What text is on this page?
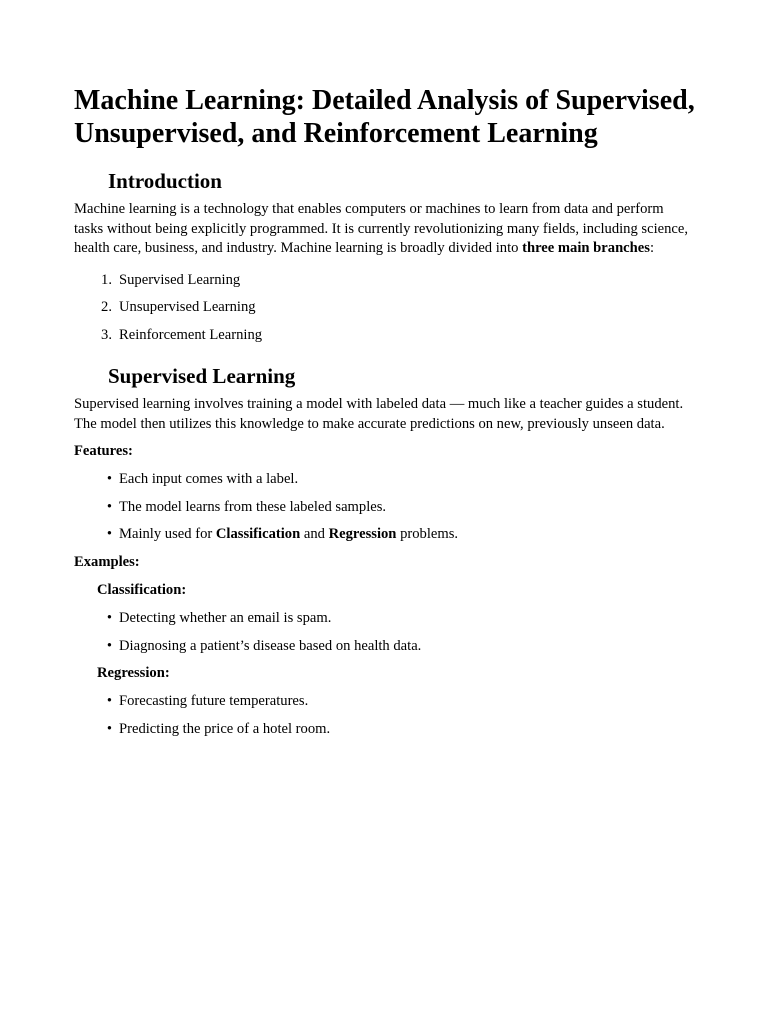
Machine Learning: Detailed Analysis of Supervised, Unsupervised, and Reinforcement Learning
Introduction

Machine learning is a technology that enables computers or machines to learn from data and perform tasks without being explicitly programmed. It is currently revolutionizing many fields, including science, health care, business, and industry. Machine learning is broadly divided into three main branches:

1. Supervised Learning
2. Unsupervised Learning
3. Reinforcement Learning
Supervised Learning

Supervised learning involves training a model with labeled data — much like a teacher guides a student. The model then utilizes this knowledge to make accurate predictions on new, previously unseen data.

Features:
• Each input comes with a label.
• The model learns from these labeled samples.
• Mainly used for Classification and Regression problems.
Examples:
Classification:
• Detecting whether an email is spam.
• Diagnosing a patient’s disease based on health data.
Regression:
• Forecasting future temperatures.
• Predicting the price of a hotel room.
